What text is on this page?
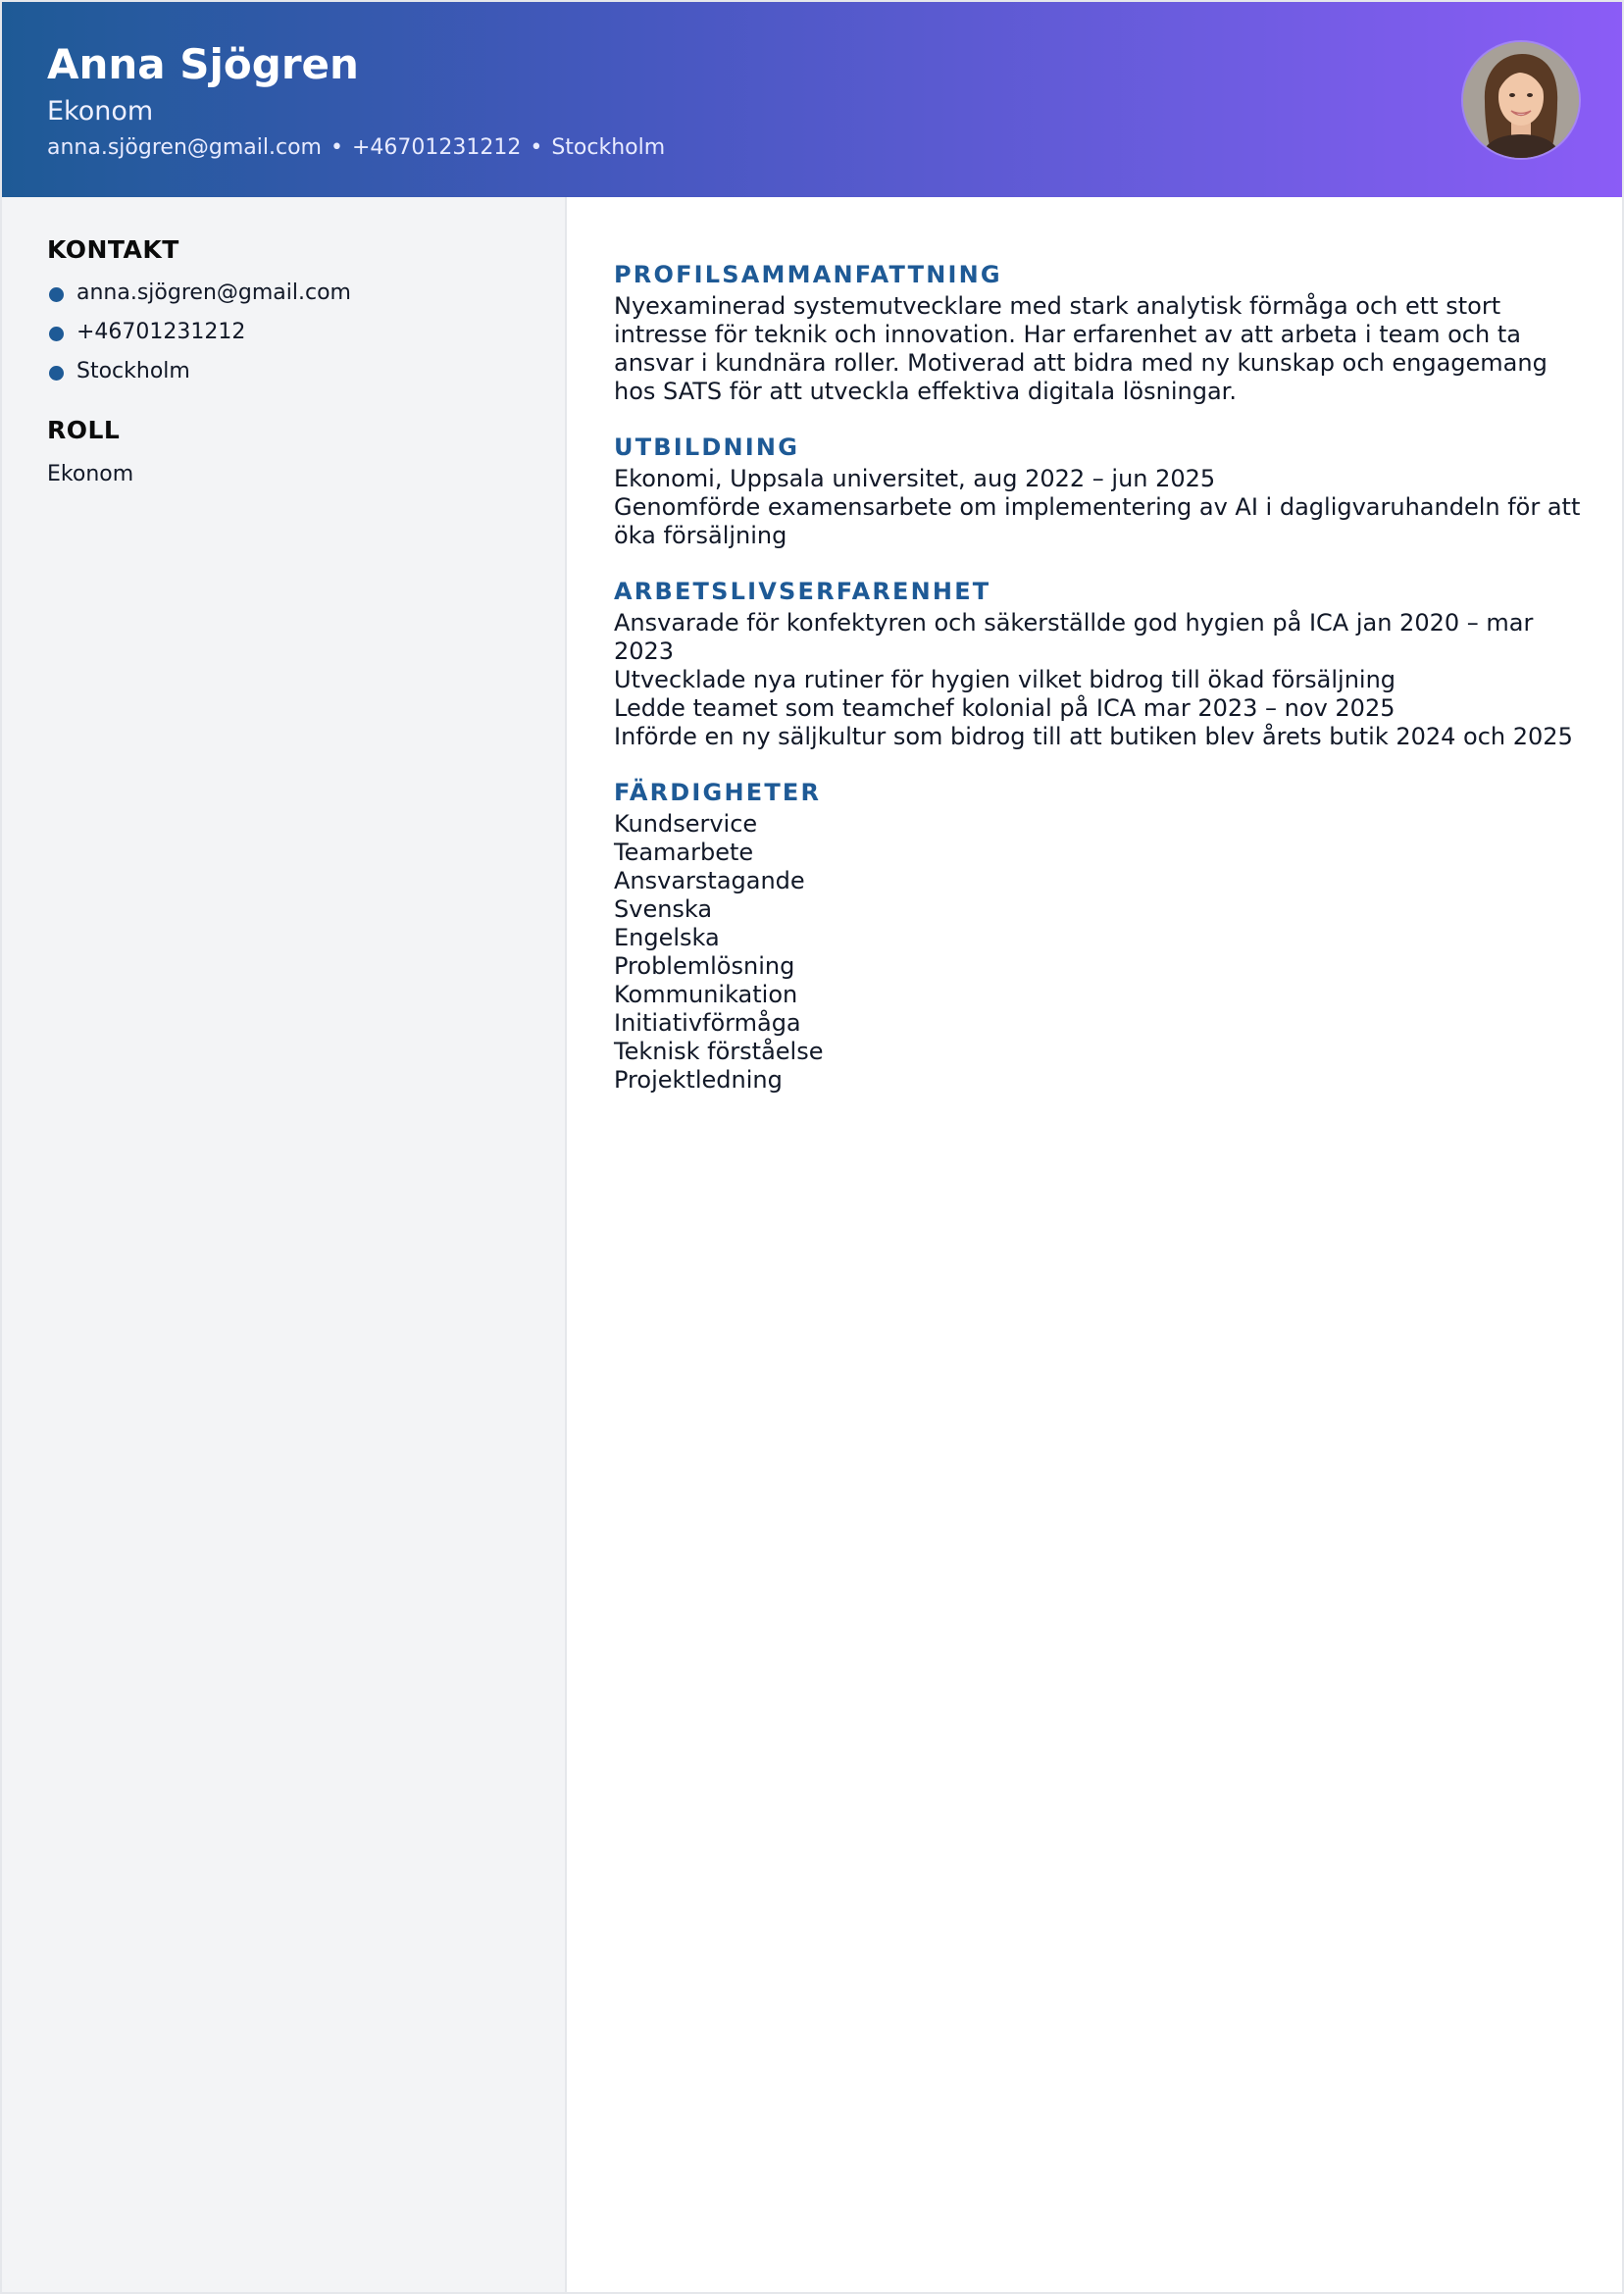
Anna Sjögren
Ekonom
anna.sjögren@gmail.com • +46701231212 • Stockholm
KONTAKT
anna.sjögren@gmail.com
+46701231212
Stockholm
ROLL
Ekonom
PROFILSAMMANFATTNING
Nyexaminerad systemutvecklare med stark analytisk förmåga och ett stort intresse för teknik och innovation. Har erfarenhet av att arbeta i team och ta ansvar i kundnära roller. Motiverad att bidra med ny kunskap och engagemang hos SATS för att utveckla effektiva digitala lösningar.
UTBILDNING
Ekonomi, Uppsala universitet, aug 2022 – jun 2025
Genomförde examensarbete om implementering av AI i dagligvaruhandeln för att öka försäljning
ARBETSLIVSERFARENHET
Ansvarade för konfektyren och säkerställde god hygien på ICA jan 2020 – mar 2023
Utvecklade nya rutiner för hygien vilket bidrog till ökad försäljning
Ledde teamet som teamchef kolonial på ICA mar 2023 – nov 2025
Införde en ny säljkultur som bidrog till att butiken blev årets butik 2024 och 2025
FÄRDIGHETER
Kundservice
Teamarbete
Ansvarstagande
Svenska
Engelska
Problemlösning
Kommunikation
Initiativförmåga
Teknisk förståelse
Projektledning
